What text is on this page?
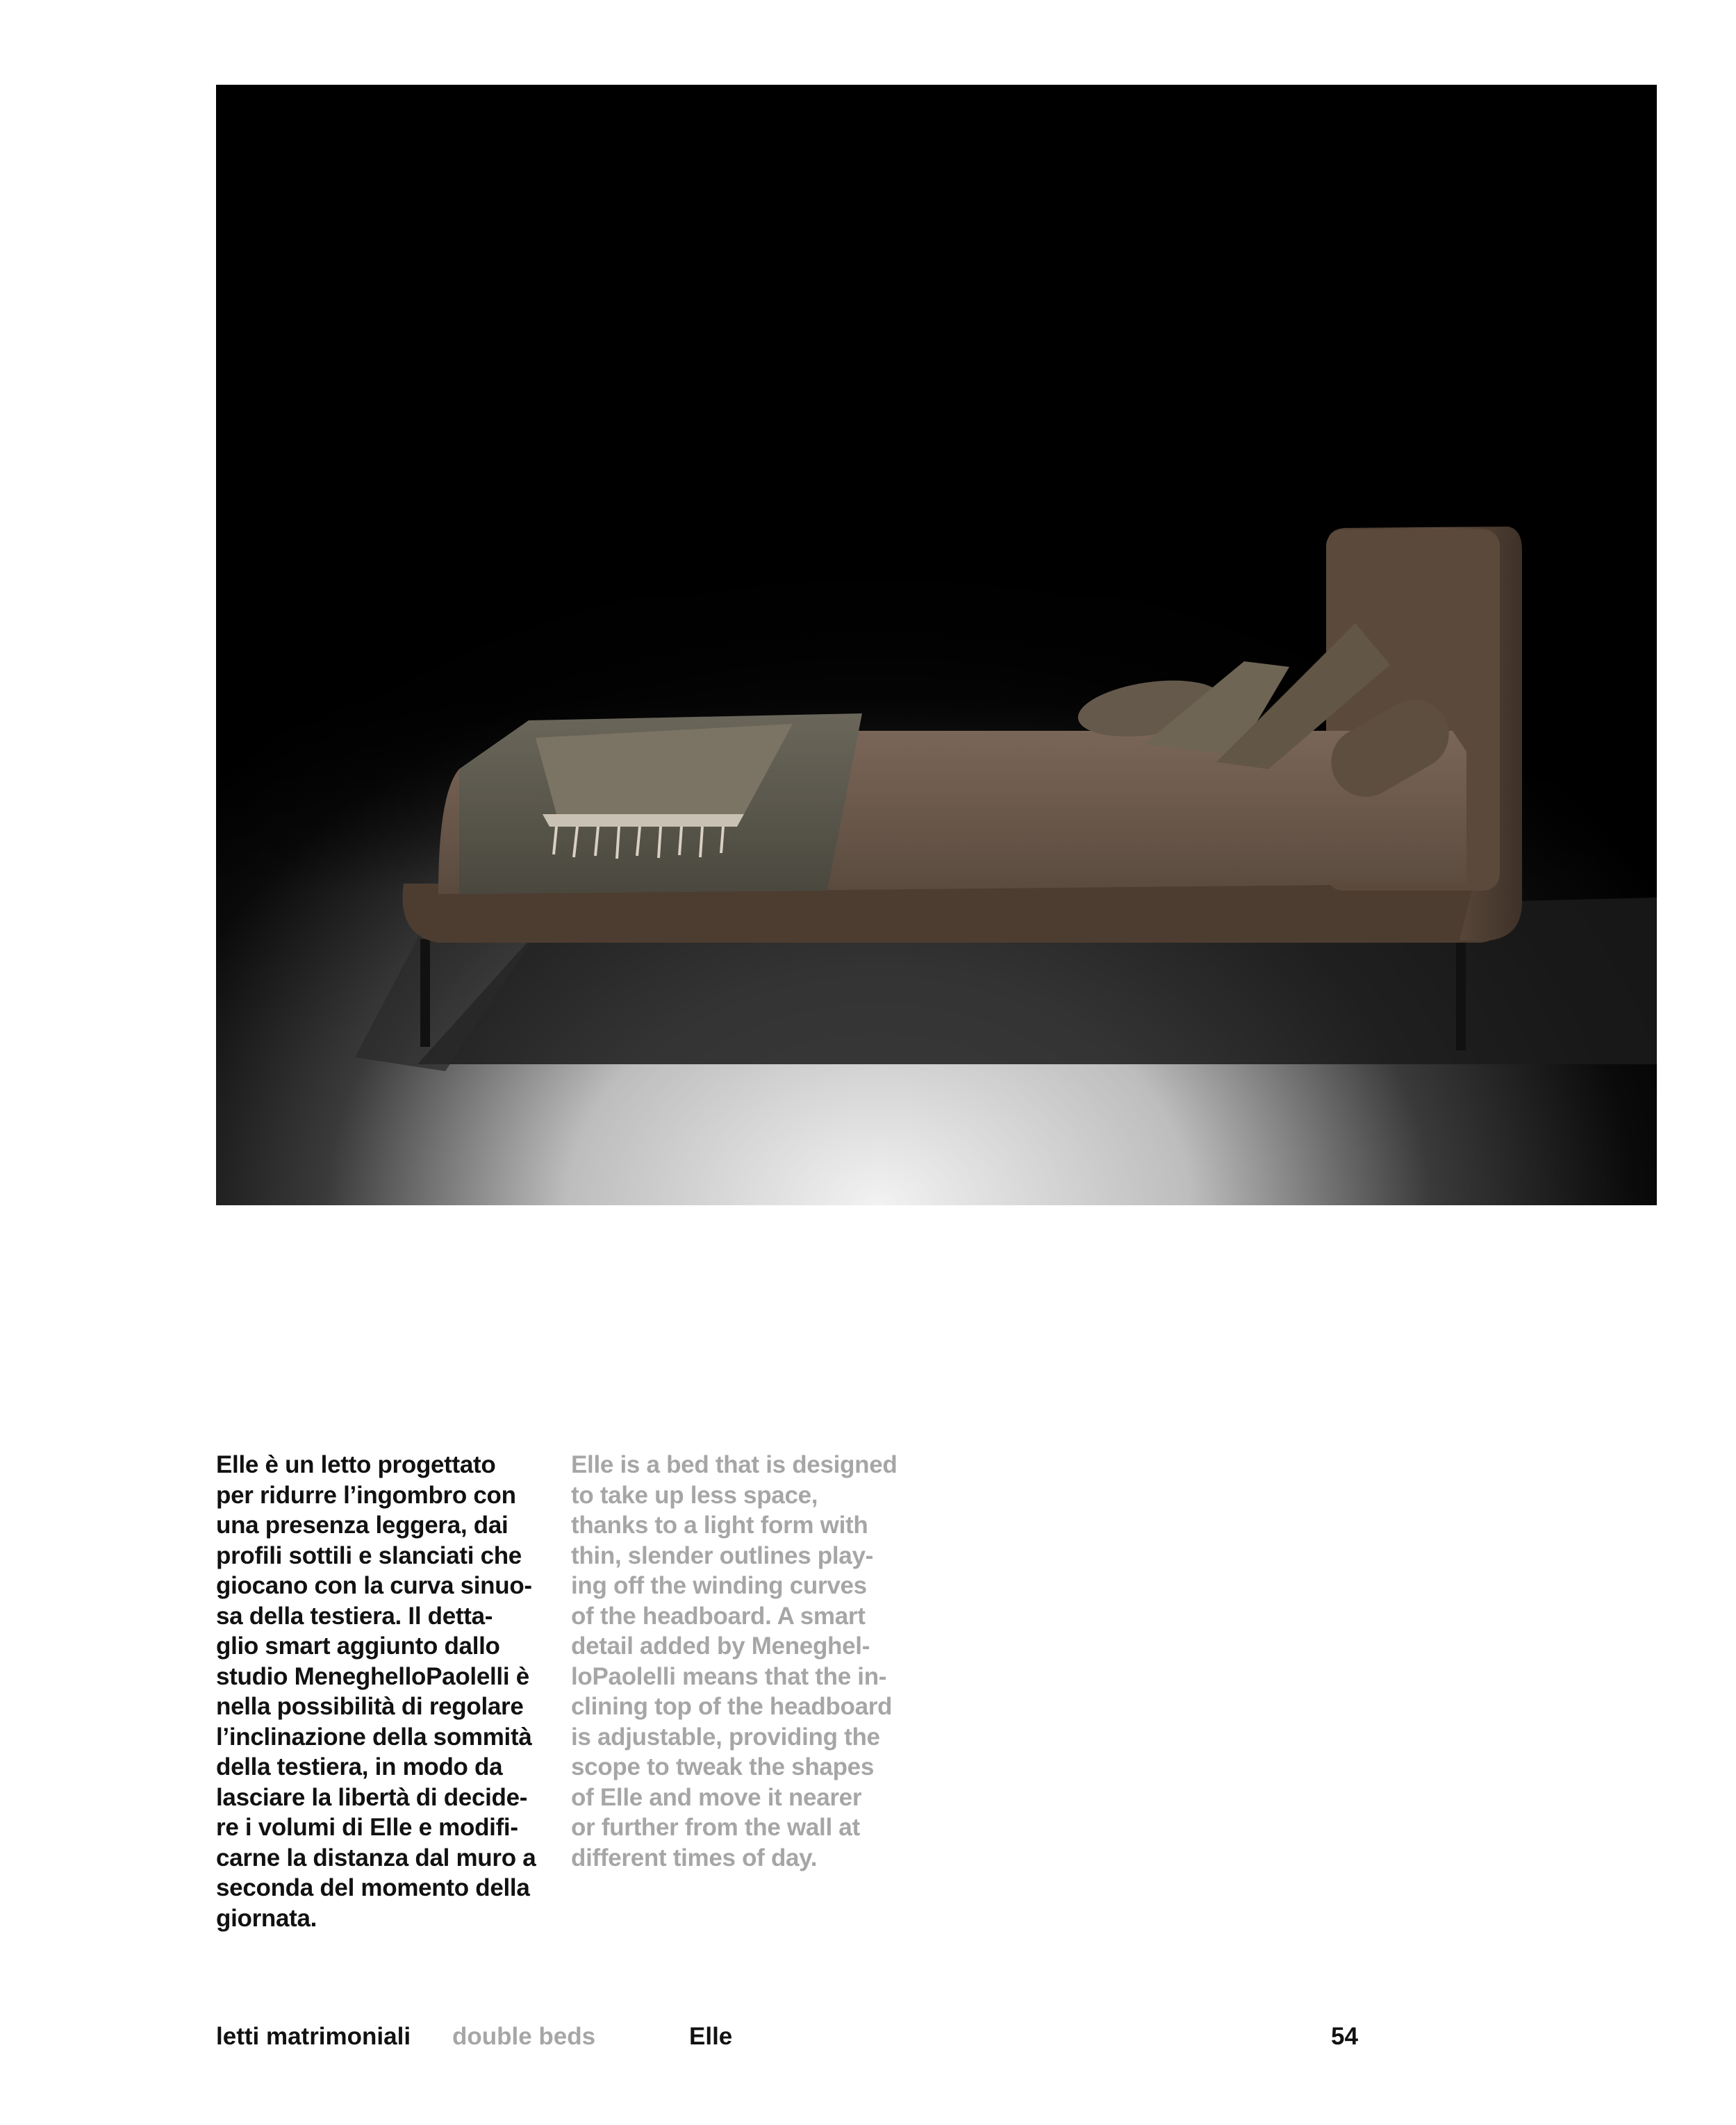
Elle è un letto progettato
per ridurre l’ingombro con
una presenza leggera, dai
profili sottili e slanciati che
giocano con la curva sinuo-
sa della testiera. Il detta-
glio smart aggiunto dallo
studio MeneghelloPaolelli è
nella possibilità di regolare
l’inclinazione della sommità
della testiera, in modo da
lasciare la libertà di decide-
re i volumi di Elle e modifi-
carne la distanza dal muro a
seconda del momento della
giornata.
Elle is a bed that is designed
to take up less space,
thanks to a light form with
thin, slender outlines play-
ing off the winding curves
of the headboard. A smart
detail added by Meneghel-
loPaolelli means that the in-
clining top of the headboard
is adjustable, providing the
scope to tweak the shapes
of Elle and move it nearer
or further from the wall at
different times of day.
letti matrimoniali double beds	Elle	54
